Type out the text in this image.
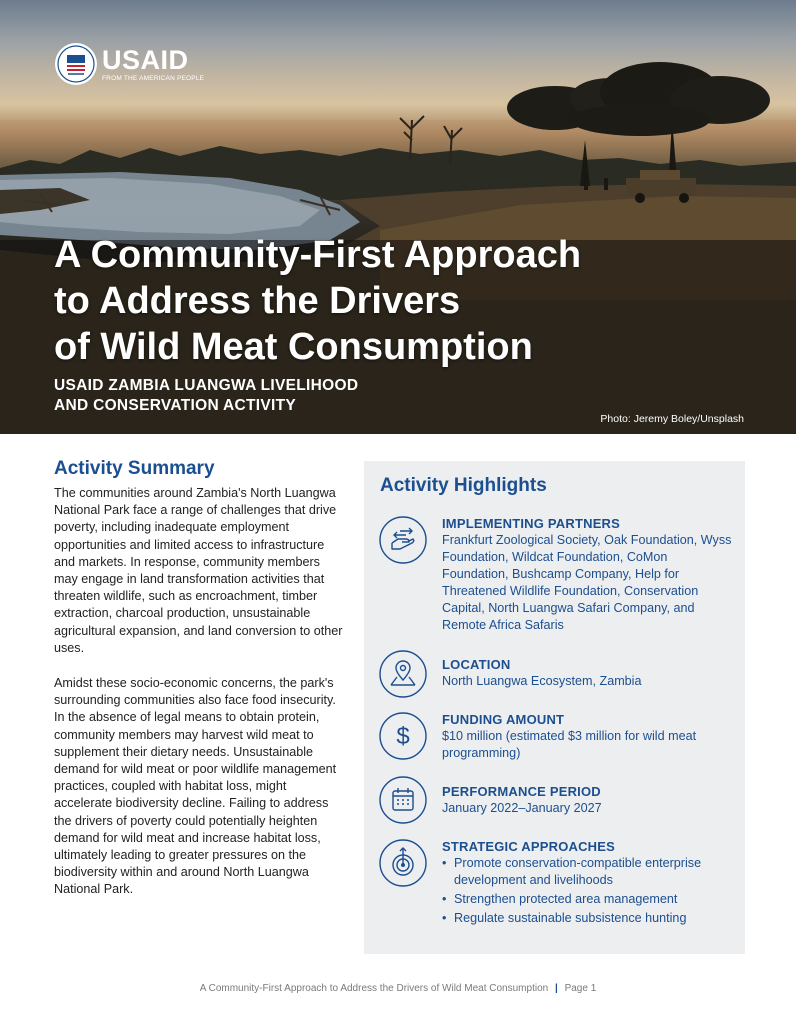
USAID
FROM THE AMERICAN PEOPLE
A Community-First Approach
to Address the Drivers
of Wild Meat Consumption
USAID ZAMBIA LUANGWA LIVELIHOOD
AND CONSERVATION ACTIVITY
Photo: Jeremy Boley/Unsplash
Activity Summary

The communities around Zambia's North Luangwa National Park face a range of challenges that drive poverty, including inadequate employment opportunities and limited access to infrastructure and markets. In response, community members may engage in land transformation activities that threaten wildlife, such as encroachment, timber extraction, charcoal production, unsustainable agricultural expansion, and land conversion to other uses.

Amidst these socio-economic concerns, the park's surrounding communities also face food insecurity. In the absence of legal means to obtain protein, community members may harvest wild meat to supplement their dietary needs. Unsustainable demand for wild meat or poor wildlife management practices, coupled with habitat loss, might accelerate biodiversity decline. Failing to address the drivers of poverty could potentially heighten demand for wild meat and increase habitat loss, ultimately leading to greater pressures on the biodiversity within and around North Luangwa National Park.

Activity Highlights
IMPLEMENTING PARTNERS
Frankfurt Zoological Society, Oak Foundation, Wyss Foundation, Wildcat Foundation, CoMon Foundation, Bushcamp Company, Help for Threatened Wildlife Foundation, Conservation Capital, North Luangwa Safari Company, and Remote Africa Safaris
LOCATION
North Luangwa Ecosystem, Zambia
$
FUNDING AMOUNT
$10 million (estimated $3 million for wild meat programming)
PERFORMANCE PERIOD
January 2022–January 2027
STRATEGIC APPROACHES
• Promote conservation-compatible enterprise development and livelihoods
• Strengthen protected area management
• Regulate sustainable subsistence hunting
A Community-First Approach to Address the Drivers of Wild Meat Consumption | Page 1
